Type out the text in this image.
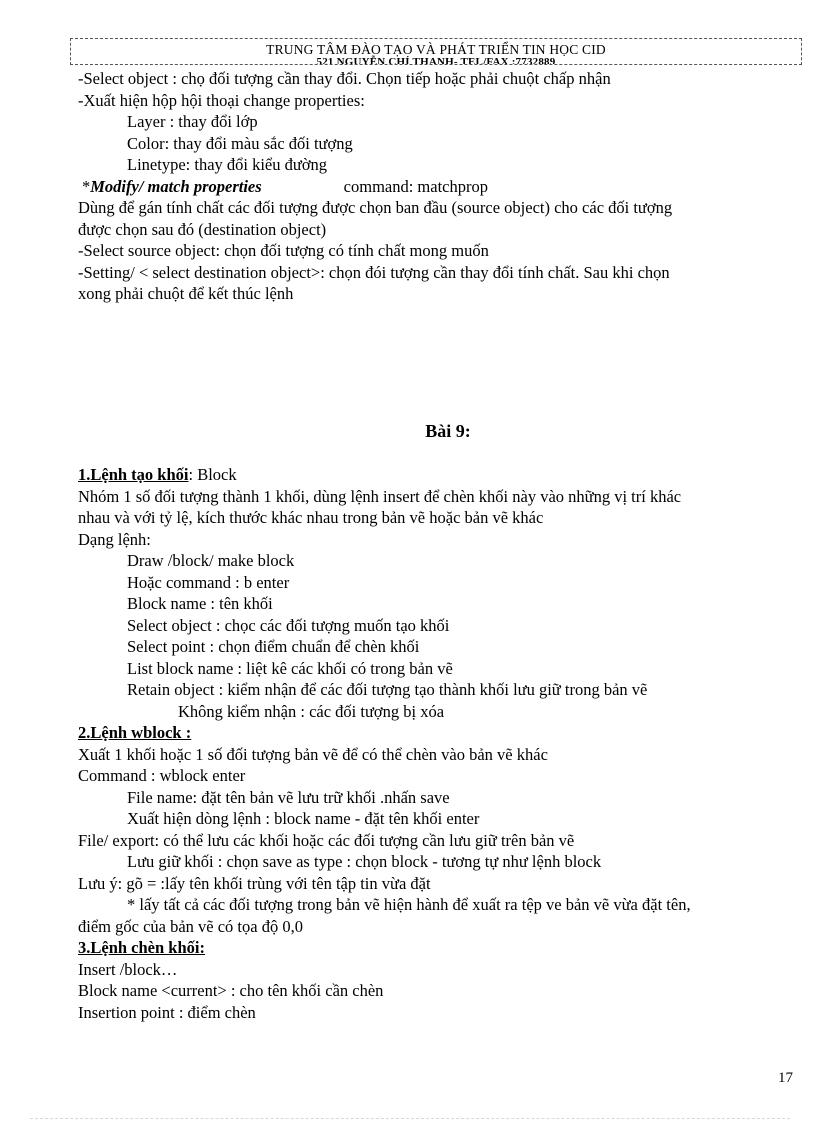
TRUNG TÂM ĐÀO TẠO VÀ PHÁT TRIỂN TIN HỌC CID
521 NGUYỄN CHÍ THANH- TEL/FAX :7732889
-Select object : chọ đối tượng cần thay đổi. Chọn tiếp hoặc phải chuột chấp nhận
-Xuất hiện hộp hội thoại change properties:
Layer : thay đổi lớp
Color: thay đổi màu sắc đối tượng
Linetype: thay đổi kiểu đường
*Modify/ match properties	command: matchprop
Dùng để gán tính chất các đối tượng được chọn ban đầu (source object) cho các đối tượng
được chọn sau đó (destination object)
-Select source object: chọn đối tượng có tính chất mong muốn
-Setting/ < select destination object>: chọn đói tượng cần thay đổi tính chất. Sau khi chọn
xong phải chuột để kết thúc lệnh
Bài 9:
1.Lệnh tạo khối: Block
Nhóm 1 số đối tượng thành 1 khối, dùng lệnh insert để chèn khối này vào những vị trí khác
nhau và với tỷ lệ, kích thước khác nhau trong bản vẽ hoặc bản vẽ khác
Dạng lệnh:
Draw /block/ make block
Hoặc command : b enter
Block name : tên khối
Select object : chọc các đối tượng muốn tạo khối
Select point : chọn điểm chuẩn để chèn khối
List block name : liệt kê các khối có trong bản vẽ
Retain object : kiểm nhận để các đối tượng tạo thành khối lưu giữ trong bản vẽ
Không kiểm nhận : các đối tượng bị xóa
2.Lệnh wblock :
Xuất 1 khối hoặc 1 số đối tượng bản vẽ để có thể chèn vào bản vẽ khác
Command : wblock enter
File name: đặt tên bản vẽ lưu trữ khối .nhấn save
Xuất hiện dòng lệnh : block name - đặt tên khối enter
File/ export: có thể lưu các khối hoặc các đối tượng cần lưu giữ trên bản vẽ
Lưu giữ khối : chọn save as type : chọn block - tương tự như lệnh block
Lưu ý: gõ = :lấy tên khối trùng với tên tập tin vừa đặt
* lấy tất cả các đối tượng trong bản vẽ hiện hành để xuất ra tệp ve bản vẽ vừa đặt tên,
điểm gốc của bản vẽ có tọa độ 0,0
3.Lệnh chèn khối:
Insert /block…
Block name <current> : cho tên khối cần chèn
Insertion point : điểm chèn
17
